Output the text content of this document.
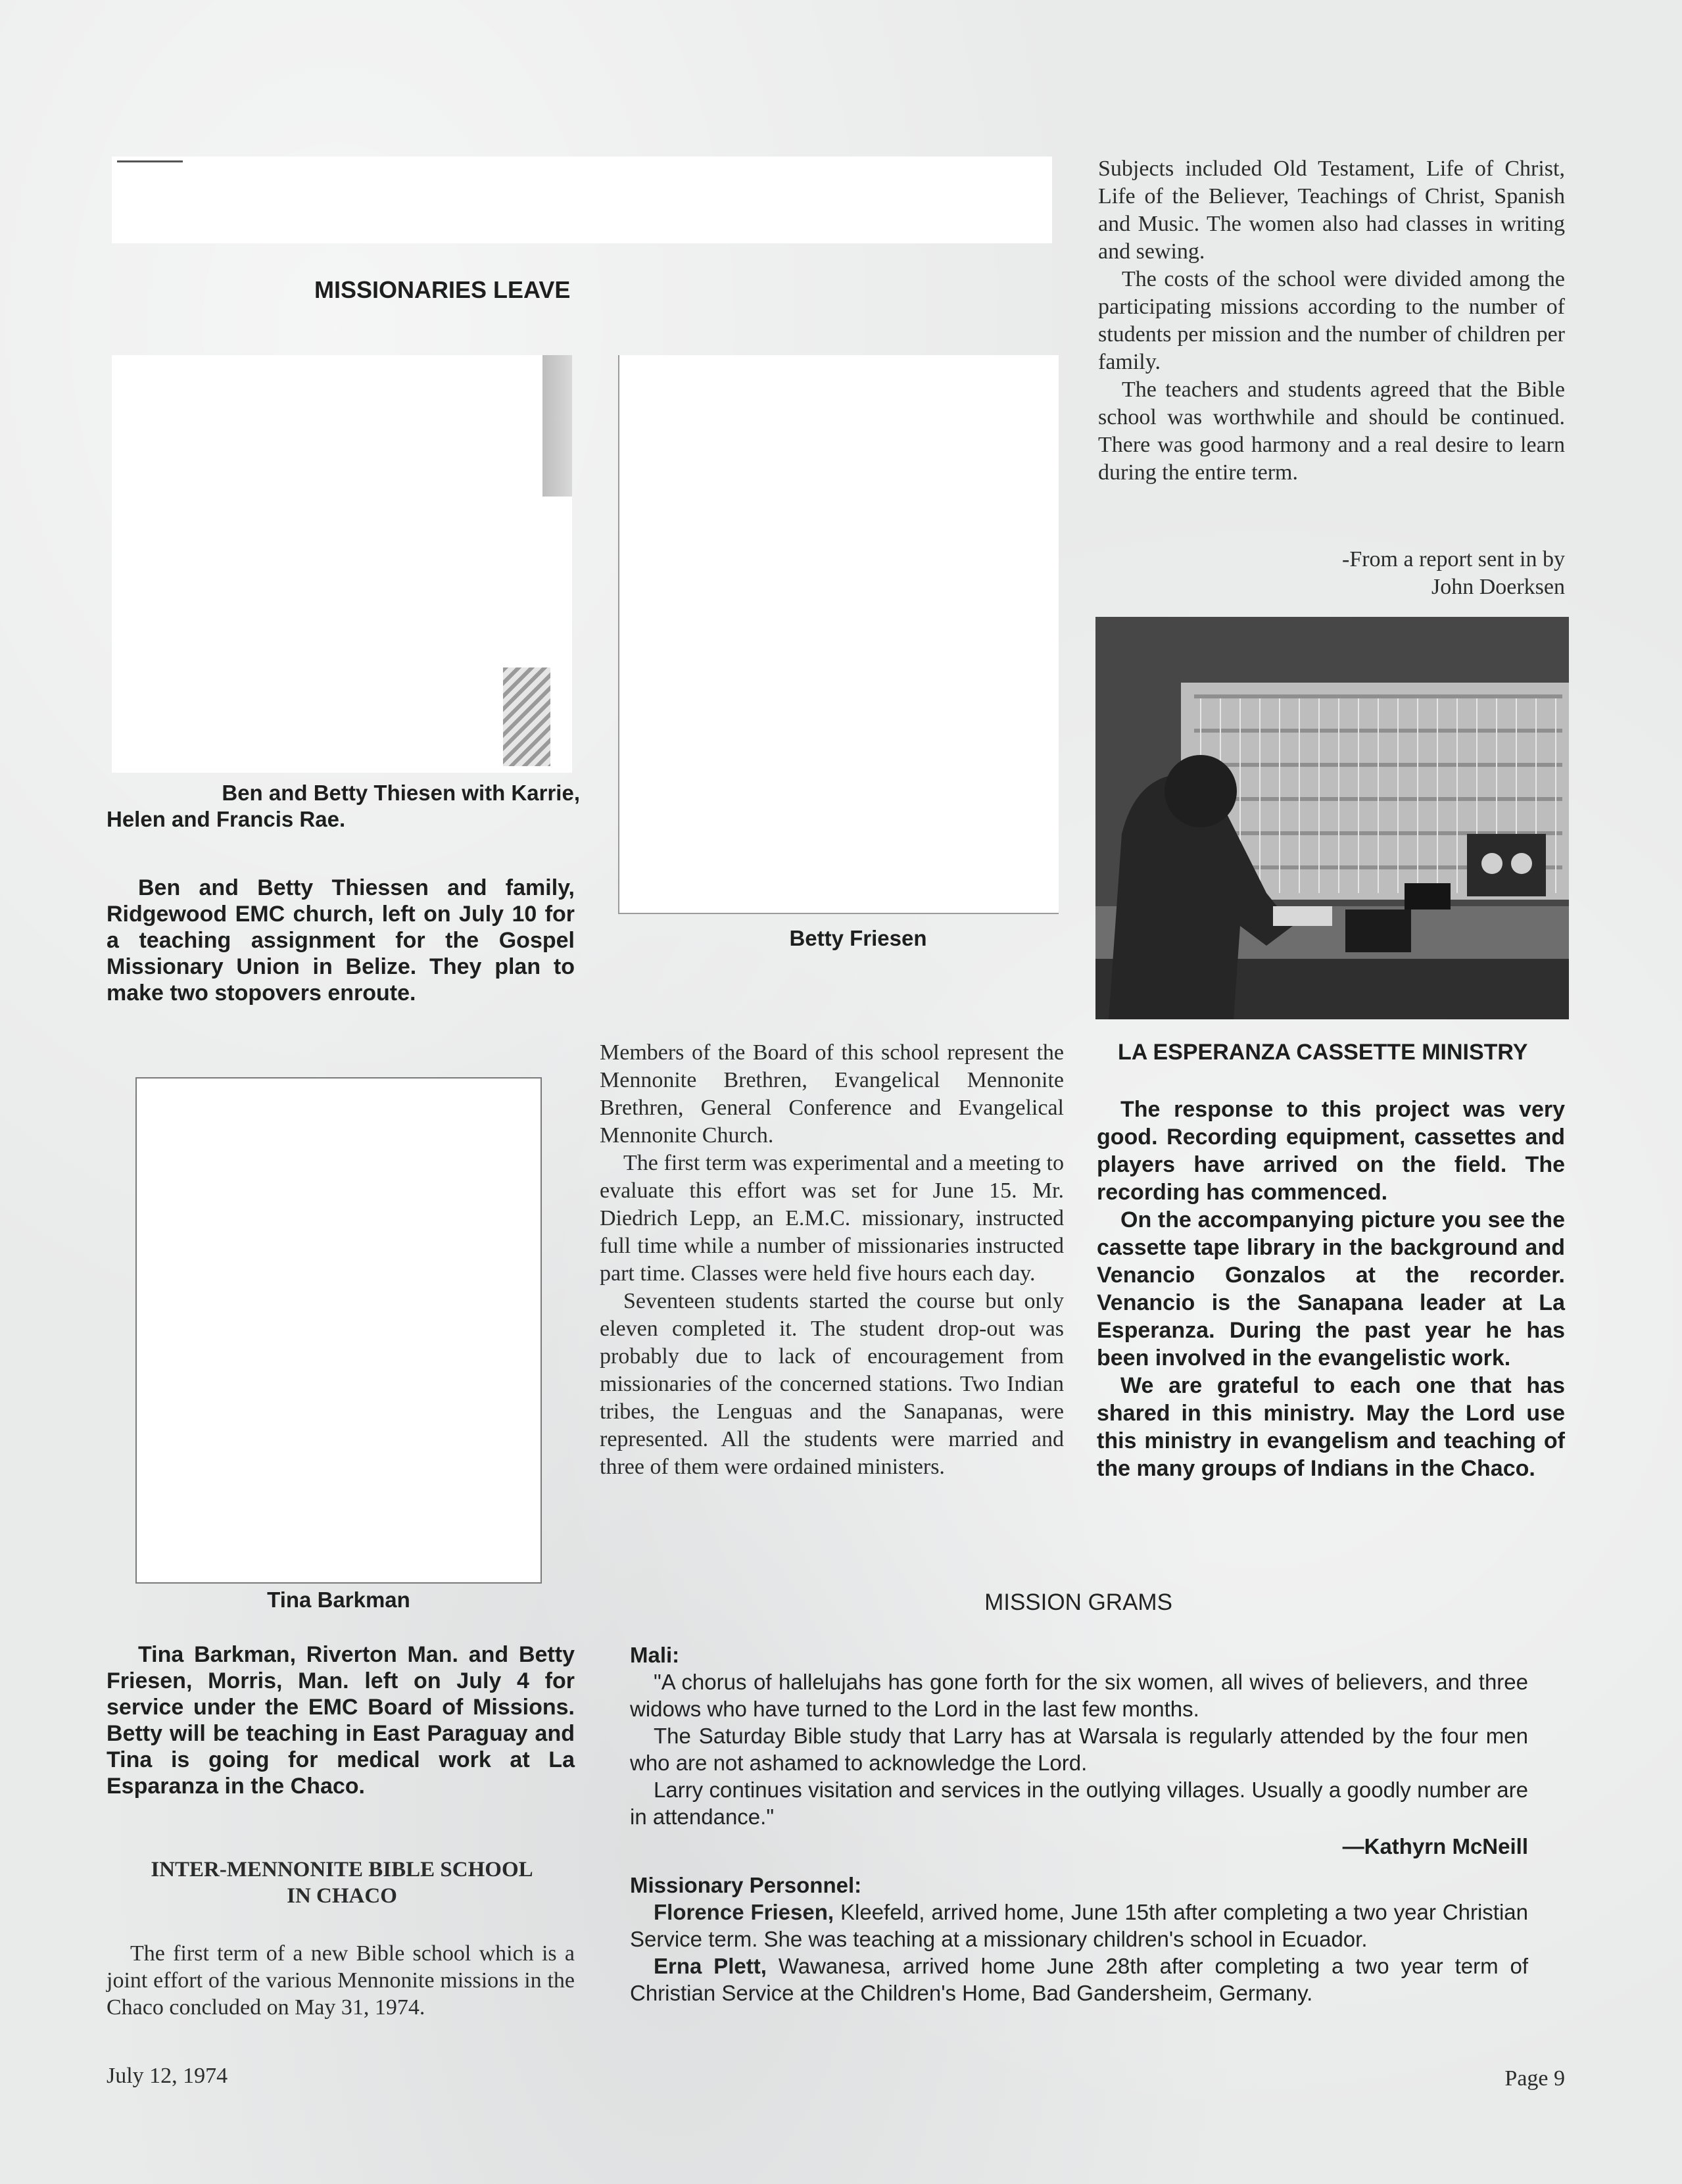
Subjects included Old Testament, Life of Christ, Life of the Believer, Teachings of Christ, Spanish and Music. The women also had classes in writing and sewing.

The costs of the school were divided among the participating missions according to the number of students per mission and the number of children per family.

The teachers and students agreed that the Bible school was worthwhile and should be continued. There was good harmony and a real desire to learn during the entire term.

-From a report sent in by

John Doerksen

MISSIONARIES LEAVE

Ben and Betty Thiesen with Karrie,

Helen and Francis Rae.

Ben and Betty Thiessen and family, Ridgewood EMC church, left on July 10 for a teaching assignment for the Gospel Missionary Union in Belize. They plan to make two stopovers enroute.
Betty Friesen
Tina Barkman
Tina Barkman, Riverton Man. and Betty Friesen, Morris, Man. left on July 4 for service under the EMC Board of Missions. Betty will be teaching in East Paraguay and Tina is going for medical work at La Esparanza in the Chaco.

INTER-MENNONITE BIBLE SCHOOL

IN CHACO

The first term of a new Bible school which is a joint effort of the various Mennonite missions in the Chaco concluded on May 31, 1974.

Members of the Board of this school represent the Mennonite Brethren, Evangelical Mennonite Brethren, General Conference and Evangelical Mennonite Church.

The first term was experimental and a meeting to evaluate this effort was set for June 15. Mr. Diedrich Lepp, an E.M.C. missionary, instructed full time while a number of missionaries instructed part time. Classes were held five hours each day.

Seventeen students started the course but only eleven completed it. The student drop-out was probably due to lack of encouragement from missionaries of the concerned stations. Two Indian tribes, the Lenguas and the Sanapanas, were represented. All the students were married and three of them were ordained ministers.

LA ESPERANZA CASSETTE MINISTRY

The response to this project was very good. Recording equipment, cassettes and players have arrived on the field. The recording has commenced.

On the accompanying picture you see the cassette tape library in the background and Venancio Gonzalos at the recorder. Venancio is the Sanapana leader at La Esperanza. During the past year he has been involved in the evangelistic work.

We are grateful to each one that has shared in this ministry. May the Lord use this ministry in evangelism and teaching of the many groups of Indians in the Chaco.

MISSION GRAMS

Mali:

"A chorus of hallelujahs has gone forth for the six women, all wives of believers, and three widows who have turned to the Lord in the last few months.

The Saturday Bible study that Larry has at Warsala is regularly attended by the four men who are not ashamed to acknowledge the Lord.

Larry continues visitation and services in the outlying villages. Usually a goodly number are in attendance."

—Kathyrn McNeill

Missionary Personnel:

Florence Friesen, Kleefeld, arrived home, June 15th after completing a two year Christian Service term. She was teaching at a missionary children's school in Ecuador.

Erna Plett, Wawanesa, arrived home June 28th after completing a two year term of Christian Service at the Children's Home, Bad Gandersheim, Germany.

July 12, 1974	Page 9
